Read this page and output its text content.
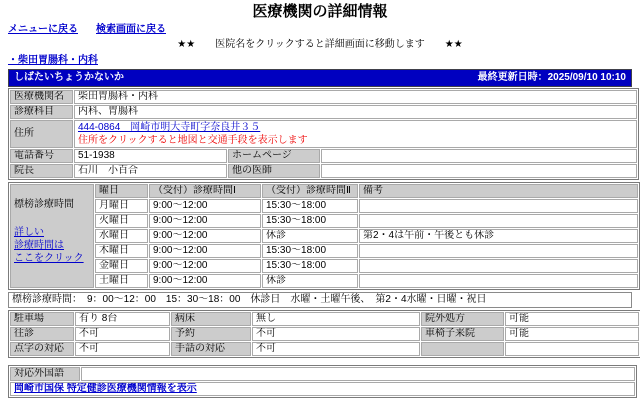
医療機関の詳細情報
メニューに戻る 検索画面に戻る
★★　　医院名をクリックすると詳細画面に移動します　　★★
・柴田胃腸科・内科
しばたいちょうかないか	最終更新日時：2025/09/10 10:10
医療機関名	柴田胃腸科・内科		
診療科目	内科、胃腸科		
住所	444-0864　岡崎市明大寺町字奈良井３５
住所をクリックすると地図と交通手段を表示します		
電話番号	51-1938	ホームページ	
院長	石川　小百合	他の医師	
標榜診療時間
詳しい
診療時間は
ここをクリック	曜日	（受付）診療時間Ⅰ	（受付）診療時間Ⅱ	備考
	月曜日	9:00～12:00	15:30～18:00	
	火曜日	9:00～12:00	15:30～18:00	
	水曜日	9:00～12:00	休診	第2・4は午前・午後とも休診
	木曜日	9:00～12:00	15:30～18:00	
	金曜日	9:00～12:00	15:30～18:00	
	土曜日	9:00～12:00	休診	
標榜診療時間：　9：00～12：00　15：30～18：00　休診日　水曜・土曜午後、　第2・4水曜・日曜・祝日
駐車場	有り 8台	病床	無し	院外処方	可能
往診	不可	予約	不可	車椅子来院	可能
点字の対応	不可	手話の対応	不可		
対応外国語	
岡崎市国保 特定健診医療機関情報を表示
